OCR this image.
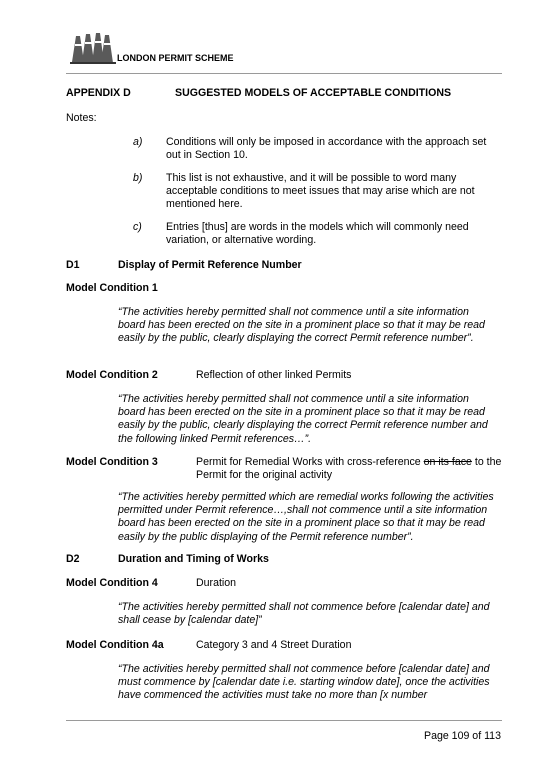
LONDON PERMIT SCHEME
APPENDIX D	SUGGESTED MODELS OF ACCEPTABLE CONDITIONS
Notes:
a) Conditions will only be imposed in accordance with the approach set out in Section 10.
b) This list is not exhaustive, and it will be possible to word many acceptable conditions to meet issues that may arise which are not mentioned here.
c) Entries [thus] are words in the models which will commonly need variation, or alternative wording.
D1	Display of Permit Reference Number
Model Condition 1
“The activities hereby permitted shall not commence until a site information board has been erected on the site in a prominent place so that it may be read easily by the public, clearly displaying the correct Permit reference number”.
Model Condition 2	Reflection of other linked Permits
“The activities hereby permitted shall not commence until a site information board has been erected on the site in a prominent place so that it may be read easily by the public, clearly displaying the correct Permit reference number and the following linked Permit references…”.
Model Condition 3	Permit for Remedial Works with cross-reference on its face to the Permit for the original activity
“The activities hereby permitted which are remedial works following the activities permitted under Permit reference…,shall not commence until a site information board has been erected on the site in a prominent place so that it may be read easily by the public displaying of the Permit reference number”.
D2	Duration and Timing of Works
Model Condition 4	Duration
“The activities hereby permitted shall not commence before [calendar date] and shall cease by [calendar date]”
Model Condition 4a	Category 3 and 4 Street Duration
“The activities hereby permitted shall not commence before [calendar date] and must commence by [calendar date i.e. starting window date], once the activities have commenced the activities must take no more than [x number
Page 109 of 113
